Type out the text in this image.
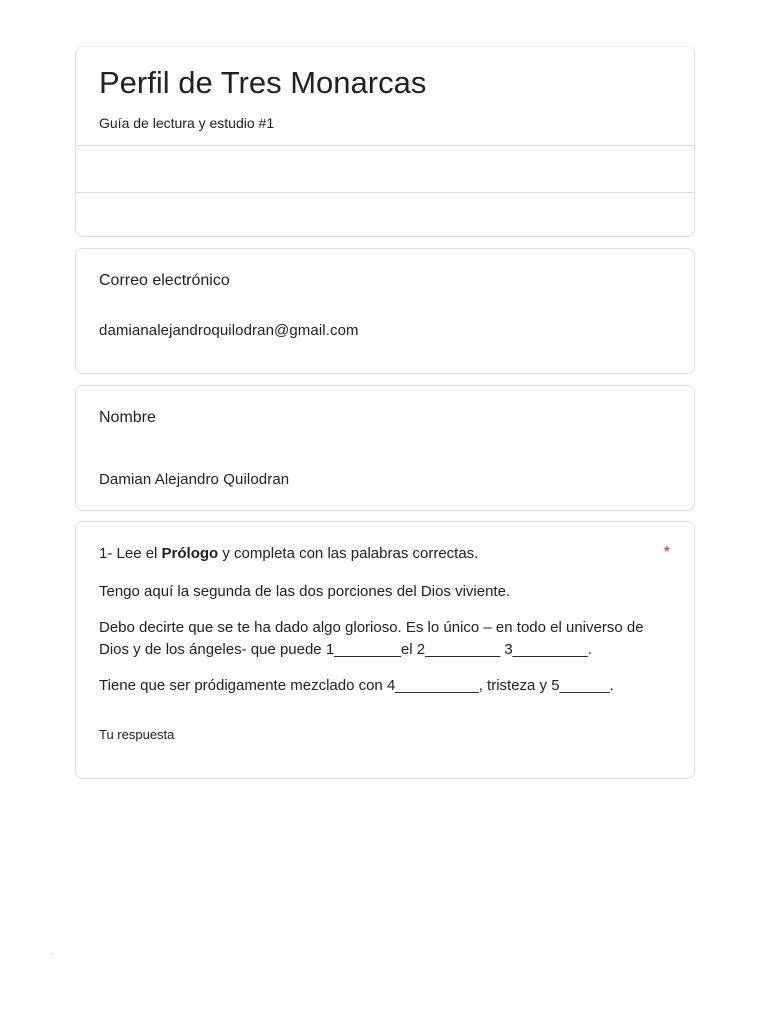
Perfil de Tres Monarcas
Guía de lectura y estudio #1
Correo electrónico
damianalejandroquilodran@gmail.com
Nombre
Damian Alejandro Quilodran
1- Lee el Prólogo y completa con las palabras correctas.	*
Tengo aquí la segunda de las dos porciones del Dios viviente.
Debo decirte que se te ha dado algo glorioso. Es lo único – en todo el universo de Dios y de los ángeles- que puede 1________el 2_________ 3_________.
Tiene que ser pródigamente mezclado con 4__________, tristeza y 5______.
Tu respuesta
